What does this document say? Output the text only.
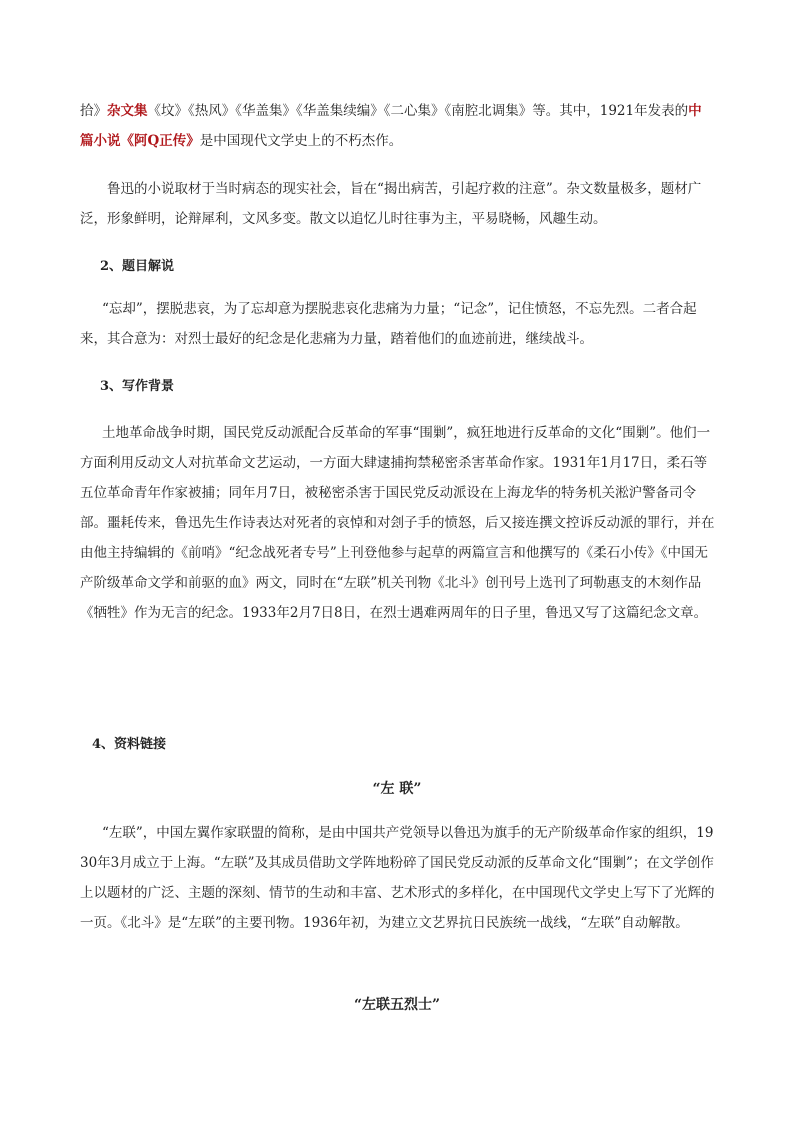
拾》杂文集《坟》《热风》《华盖集》《华盖集续编》《二心集》《南腔北调集》等。其中，1921年发表的中
篇小说《阿Q正传》是中国现代文学史上的不朽杰作。

鲁迅的小说取材于当时病态的现实社会，旨在“揭出病苦，引起疗救的注意”。杂文数量极多，题材广泛，形象鲜明，论辩犀利，文风多变。散文以追忆儿时往事为主，平易晓畅，风趣生动。

2、题目解说

“忘却”，摆脱悲哀，为了忘却意为摆脱悲哀化悲痛为力量；“记念”，记住愤怒，不忘先烈。二者合起来，其合意为：对烈士最好的纪念是化悲痛为力量，踏着他们的血迹前进，继续战斗。

3、写作背景

土地革命战争时期，国民党反动派配合反革命的军事“围剿”，疯狂地进行反革命的文化“围剿”。他们一方面利用反动文人对抗革命文艺运动，一方面大肆逮捕拘禁秘密杀害革命作家。1931年1月17日，柔石等五位革命青年作家被捕；同年月7日，被秘密杀害于国民党反动派设在上海龙华的特务机关淞沪警备司令部。噩耗传来，鲁迅先生作诗表达对死者的哀悼和对刽子手的愤怒，后又接连撰文控诉反动派的罪行，并在由他主持编辑的《前哨》“纪念战死者专号”上刊登他参与起草的两篇宣言和他撰写的《柔石小传》《中国无产阶级革命文学和前驱的血》两文，同时在“左联”机关刊物《北斗》创刊号上选刊了珂勒惠支的木刻作品《牺牲》作为无言的纪念。1933年2月7日8日，在烈士遇难两周年的日子里，鲁迅又写了这篇纪念文章。

4、资料链接

“左 联”

“左联”，中国左翼作家联盟的简称，是由中国共产党领导以鲁迅为旗手的无产阶级革命作家的组织，1930年3月成立于上海。“左联”及其成员借助文学阵地粉碎了国民党反动派的反革命文化“围剿”；在文学创作上以题材的广泛、主题的深刻、情节的生动和丰富、艺术形式的多样化，在中国现代文学史上写下了光辉的一页。《北斗》是“左联”的主要刊物。1936年初，为建立文艺界抗日民族统一战线，“左联”自动解散。

“左联五烈士”
